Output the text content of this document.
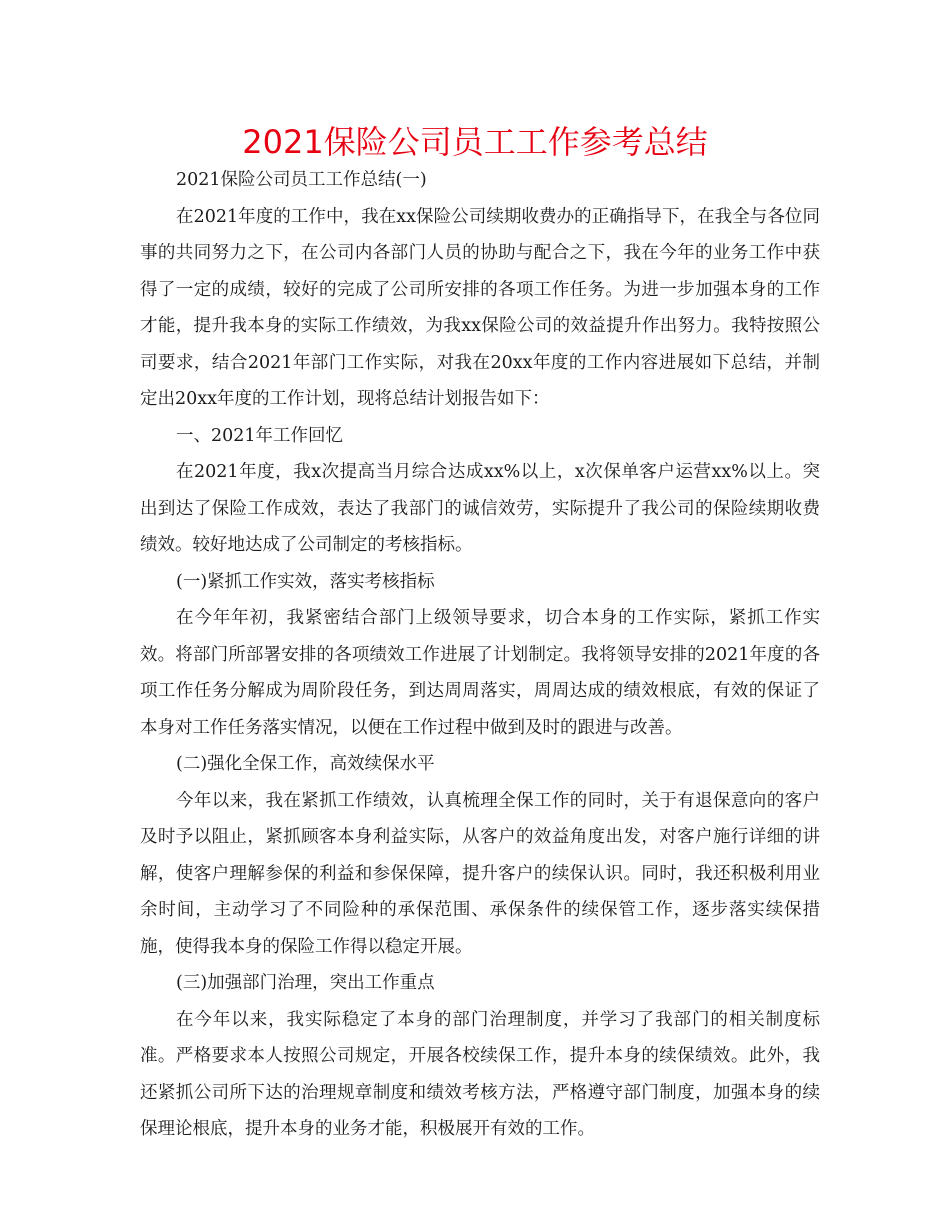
2021保险公司员工工作参考总结

2021保险公司员工工作总结(一)

在2021年度的工作中，我在xx保险公司续期收费办的正确指导下，在我全与各位同事的共同努力之下，在公司内各部门人员的协助与配合之下，我在今年的业务工作中获得了一定的成绩，较好的完成了公司所安排的各项工作任务。为进一步加强本身的工作才能，提升我本身的实际工作绩效，为我xx保险公司的效益提升作出努力。我特按照公司要求，结合2021年部门工作实际，对我在20xx年度的工作内容进展如下总结，并制定出20xx年度的工作计划，现将总结计划报告如下：

一、2021年工作回忆

在2021年度，我x次提高当月综合达成xx%以上，x次保单客户运营xx%以上。突出到达了保险工作成效，表达了我部门的诚信效劳，实际提升了我公司的保险续期收费绩效。较好地达成了公司制定的考核指标。

(一)紧抓工作实效，落实考核指标

在今年年初，我紧密结合部门上级领导要求，切合本身的工作实际，紧抓工作实效。将部门所部署安排的各项绩效工作进展了计划制定。我将领导安排的2021年度的各项工作任务分解成为周阶段任务，到达周周落实，周周达成的绩效根底，有效的保证了本身对工作任务落实情况，以便在工作过程中做到及时的跟进与改善。

(二)强化全保工作，高效续保水平

今年以来，我在紧抓工作绩效，认真梳理全保工作的同时，关于有退保意向的客户及时予以阻止，紧抓顾客本身利益实际，从客户的效益角度出发，对客户施行详细的讲解，使客户理解参保的利益和参保保障，提升客户的续保认识。同时，我还积极利用业余时间，主动学习了不同险种的承保范围、承保条件的续保管工作，逐步落实续保措施，使得我本身的保险工作得以稳定开展。

(三)加强部门治理，突出工作重点

在今年以来，我实际稳定了本身的部门治理制度，并学习了我部门的相关制度标准。严格要求本人按照公司规定，开展各校续保工作，提升本身的续保绩效。此外，我还紧抓公司所下达的治理规章制度和绩效考核方法，严格遵守部门制度，加强本身的续保理论根底，提升本身的业务才能，积极展开有效的工作。
